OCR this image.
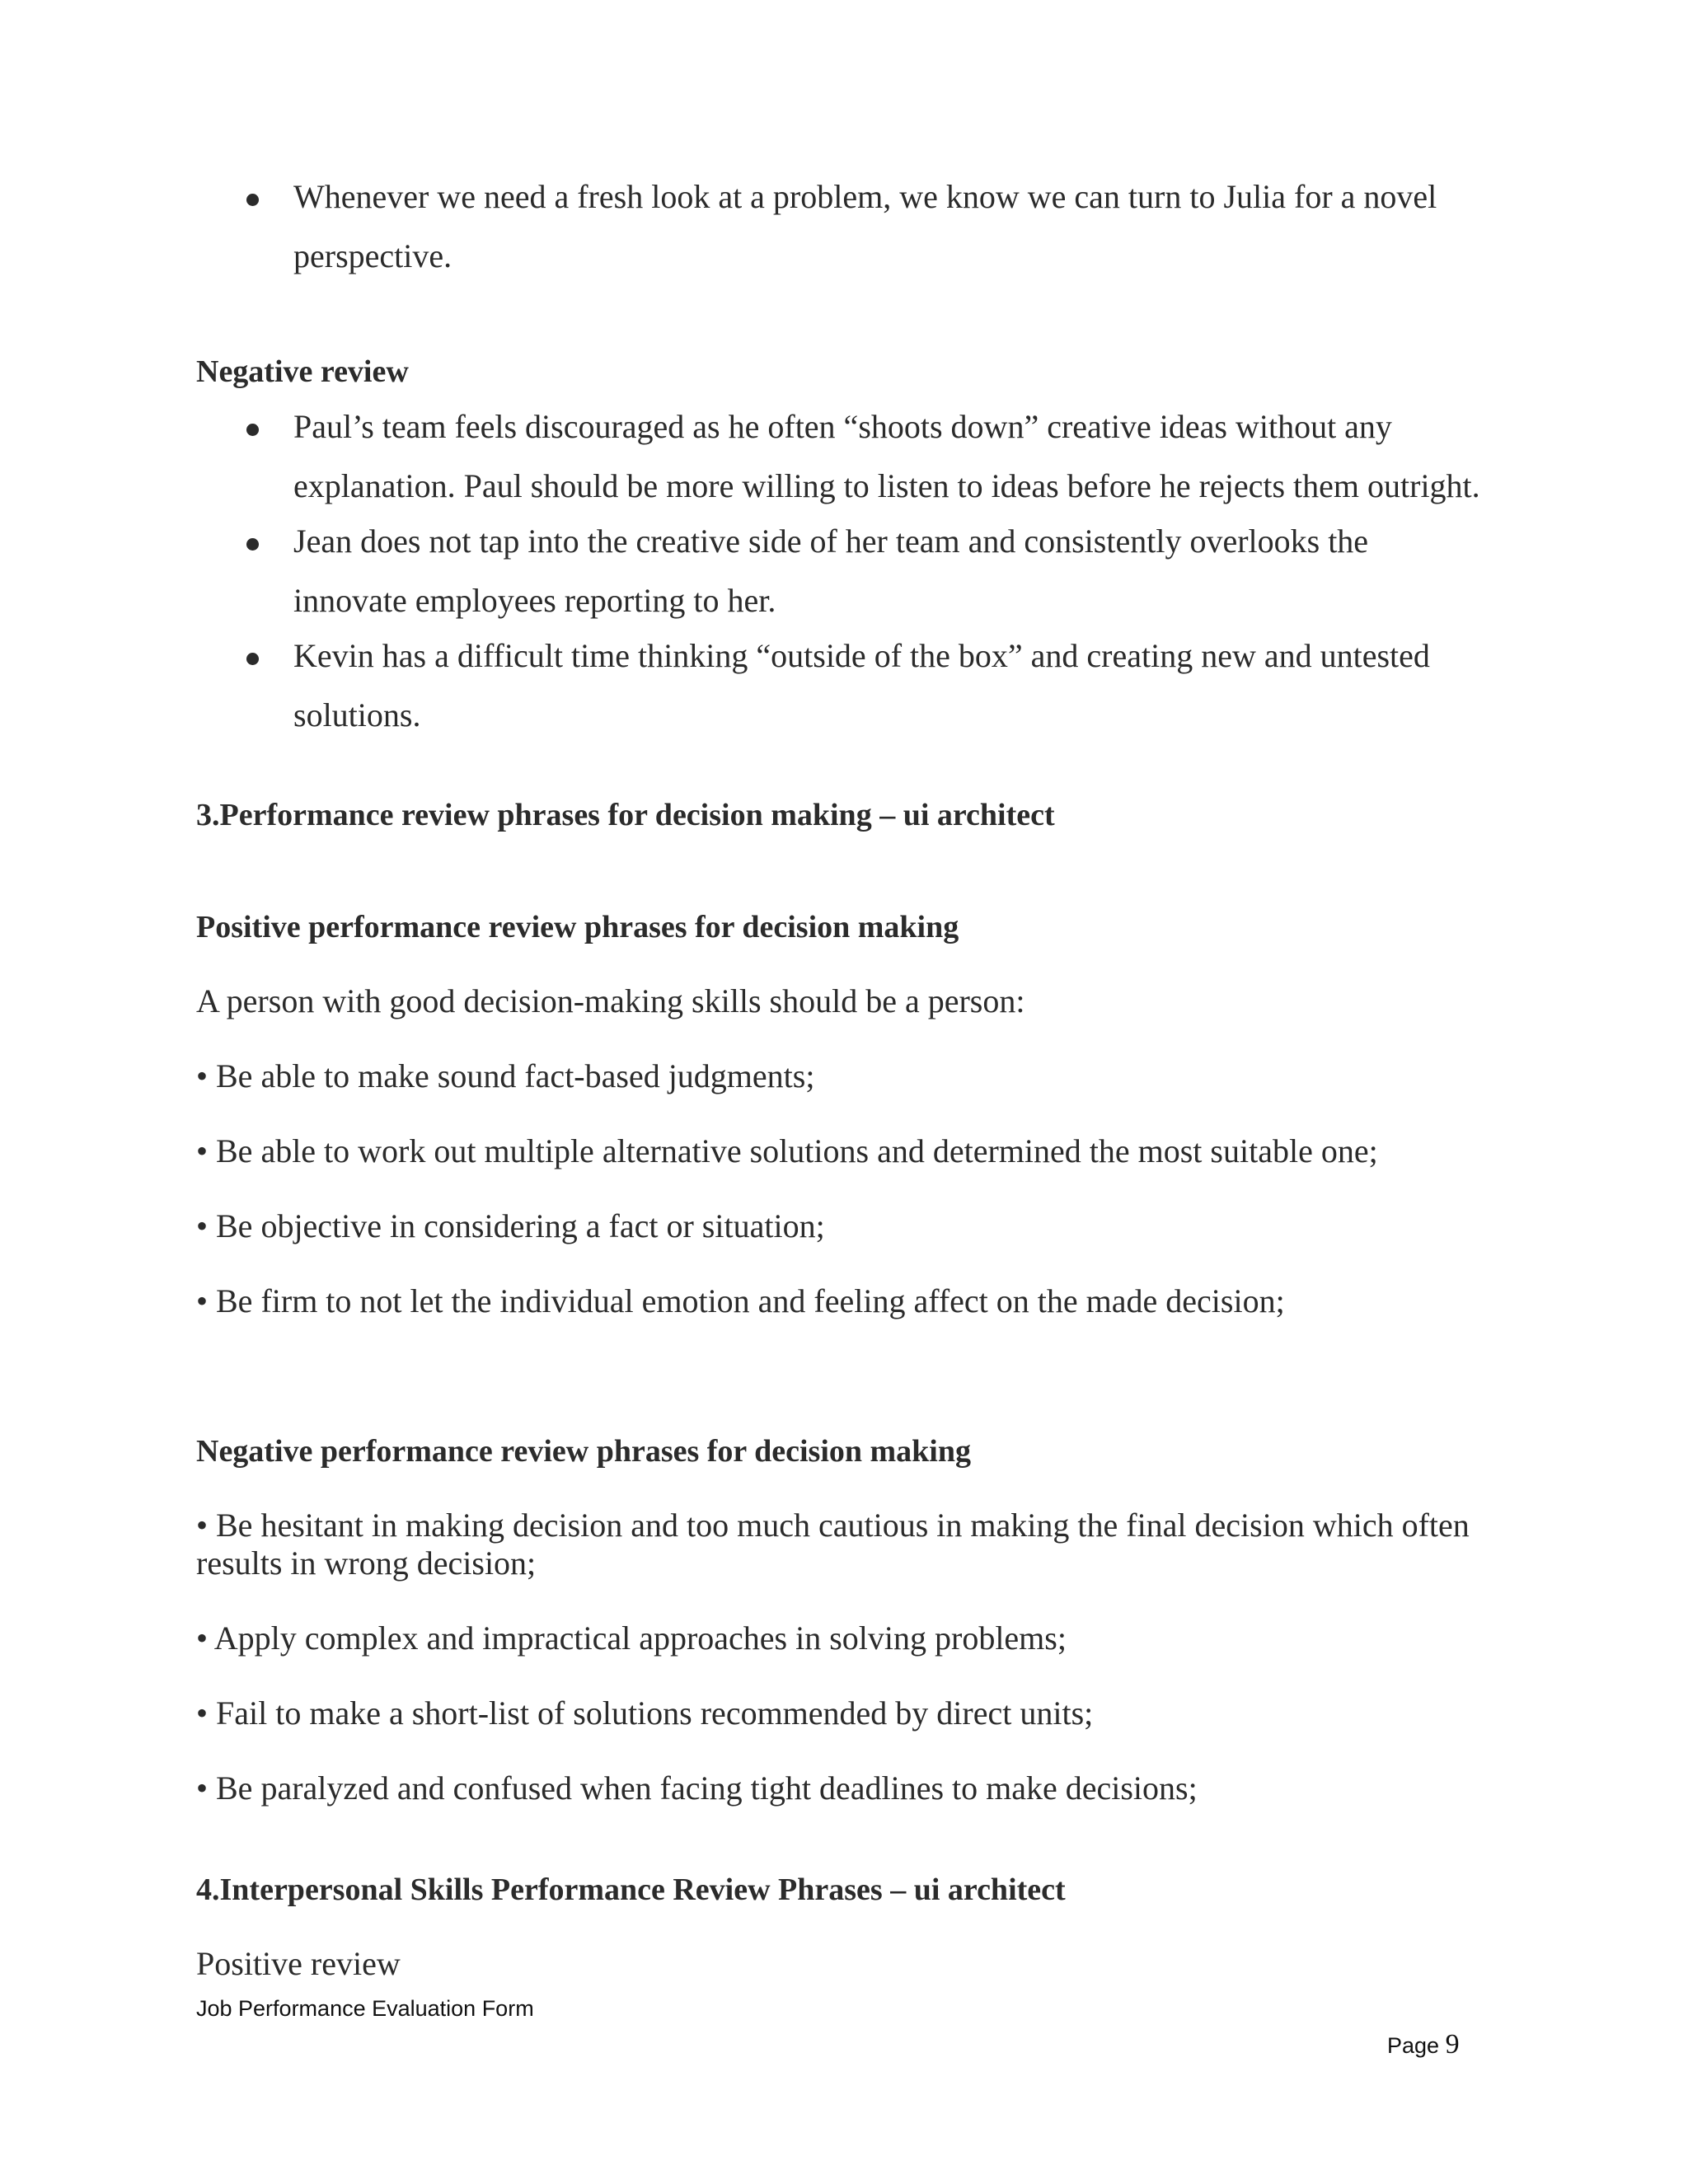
Whenever we need a fresh look at a problem, we know we can turn to Julia for a novel
perspective.
Negative review
Paul’s team feels discouraged as he often “shoots down” creative ideas without any
explanation. Paul should be more willing to listen to ideas before he rejects them outright.
Jean does not tap into the creative side of her team and consistently overlooks the
innovate employees reporting to her.
Kevin has a difficult time thinking “outside of the box” and creating new and untested
solutions.
3.Performance review phrases for decision making – ui architect
Positive performance review phrases for decision making
A person with good decision-making skills should be a person:
• Be able to make sound fact-based judgments;
• Be able to work out multiple alternative solutions and determined the most suitable one;
• Be objective in considering a fact or situation;
• Be firm to not let the individual emotion and feeling affect on the made decision;
Negative performance review phrases for decision making
• Be hesitant in making decision and too much cautious in making the final decision which often
results in wrong decision;
• Apply complex and impractical approaches in solving problems;
• Fail to make a short-list of solutions recommended by direct units;
• Be paralyzed and confused when facing tight deadlines to make decisions;
4.Interpersonal Skills Performance Review Phrases – ui architect
Positive review
Job Performance Evaluation Form
Page 9
